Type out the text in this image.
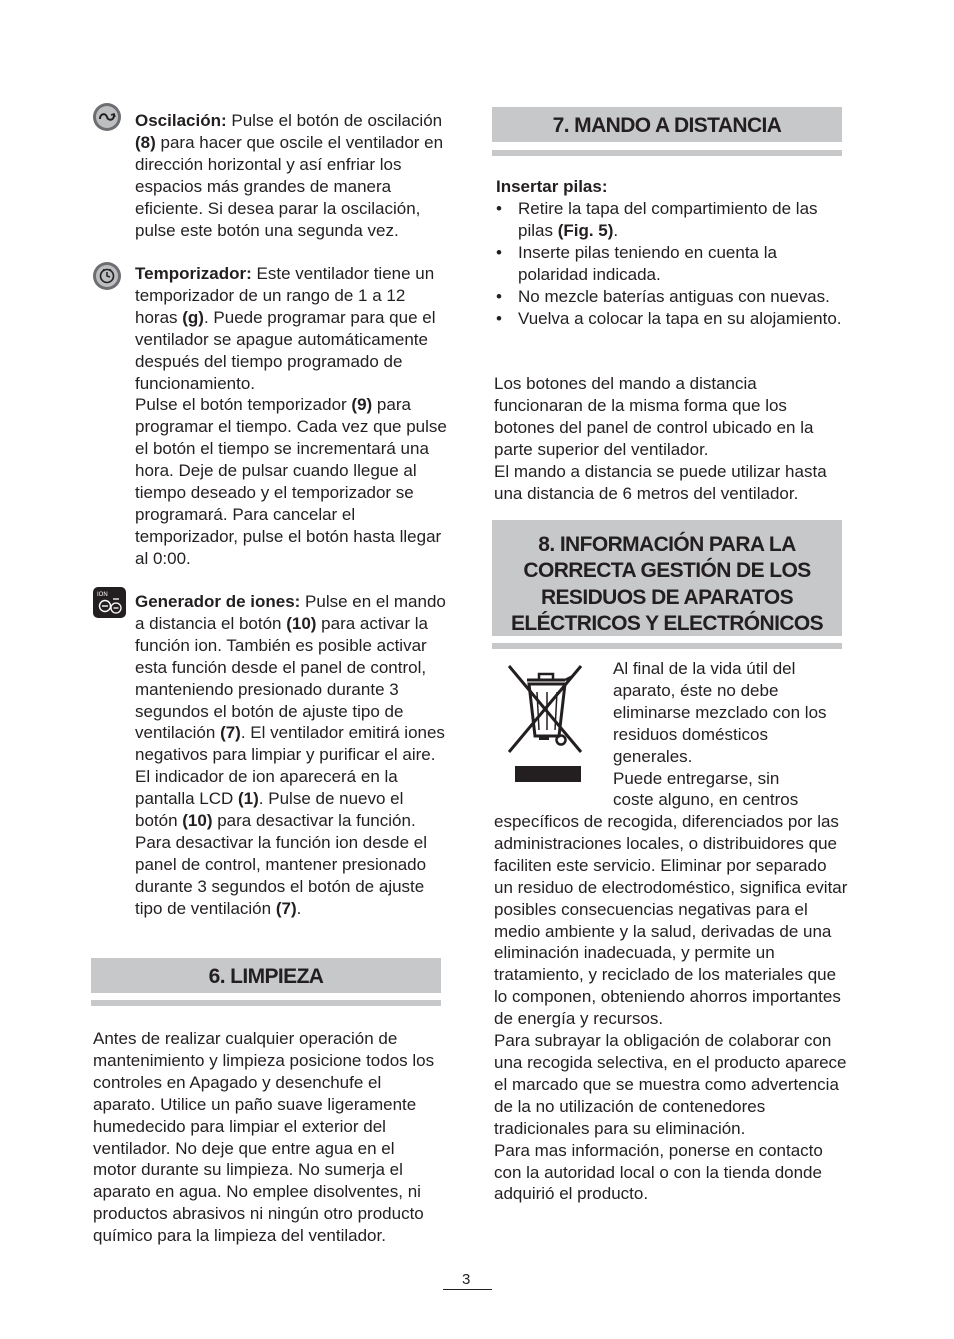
Oscilación: Pulse el botón de oscilación (8) para hacer que oscile el ventilador en dirección horizontal y así enfriar los espacios más grandes de manera eficiente. Si desea parar la oscilación, pulse este botón una segunda vez.

Temporizador: Este ventilador tiene un temporizador de un rango de 1 a 12 horas (g). Puede programar para que el ventilador se apague automáticamente después del tiempo programado de funcionamiento.
Pulse el botón temporizador (9) para programar el tiempo. Cada vez que pulse el botón el tiempo se incrementará una hora. Deje de pulsar cuando llegue al tiempo deseado y el temporizador se programará. Para cancelar el temporizador, pulse el botón hasta llegar al 0:00.

ION Generador de iones: Pulse en el mando a distancia el botón (10) para activar la función ion. También es posible activar esta función desde el panel de control, manteniendo presionado durante 3 segundos el botón de ajuste tipo de ventilación (7). El ventilador emitirá iones negativos para limpiar y purificar el aire.
El indicador de ion aparecerá en la pantalla LCD (1). Pulse de nuevo el botón (10) para desactivar la función. Para desactivar la función ion desde el panel de control, mantener presionado durante 3 segundos el botón de ajuste tipo de ventilación (7).

6. LIMPIEZA

Antes de realizar cualquier operación de mantenimiento y limpieza posicione todos los controles en Apagado y desenchufe el aparato. Utilice un paño suave ligeramente humedecido para limpiar el exterior del ventilador. No deje que entre agua en el motor durante su limpieza. No sumerja el aparato en agua. No emplee disolventes, ni productos abrasivos ni ningún otro producto químico para la limpieza del ventilador.

7. MANDO A DISTANCIA

Insertar pilas:

• Retire la tapa del compartimiento de las pilas (Fig. 5).
• Inserte pilas teniendo en cuenta la polaridad indicada.
• No mezcle baterías antiguas con nuevas.
• Vuelva a colocar la tapa en su alojamiento.

Los botones del mando a distancia funcionaran de la misma forma que los botones del panel de control ubicado en la parte superior del ventilador.
El mando a distancia se puede utilizar hasta una distancia de 6 metros del ventilador.

8. INFORMACIÓN PARA LA
CORRECTA GESTIÓN DE LOS
RESIDUOS DE APARATOS
ELÉCTRICOS Y ELECTRÓNICOS

Al final de la vida útil del aparato, éste no debe eliminarse mezclado con los residuos domésticos generales.
Puede entregarse, sin
coste alguno, en centros

específicos de recogida, diferenciados por las administraciones locales, o distribuidores que faciliten este servicio. Eliminar por separado un residuo de electrodoméstico, significa evitar posibles consecuencias negativas para el medio ambiente y la salud, derivadas de una eliminación inadecuada, y permite un tratamiento, y reciclado de los materiales que lo componen, obteniendo ahorros importantes de energía y recursos.
Para subrayar la obligación de colaborar con una recogida selectiva, en el producto aparece el marcado que se muestra como advertencia de la no utilización de contenedores tradicionales para su eliminación.
Para mas información, ponerse en contacto con la autoridad local o con la tienda donde adquirió el producto.

3
